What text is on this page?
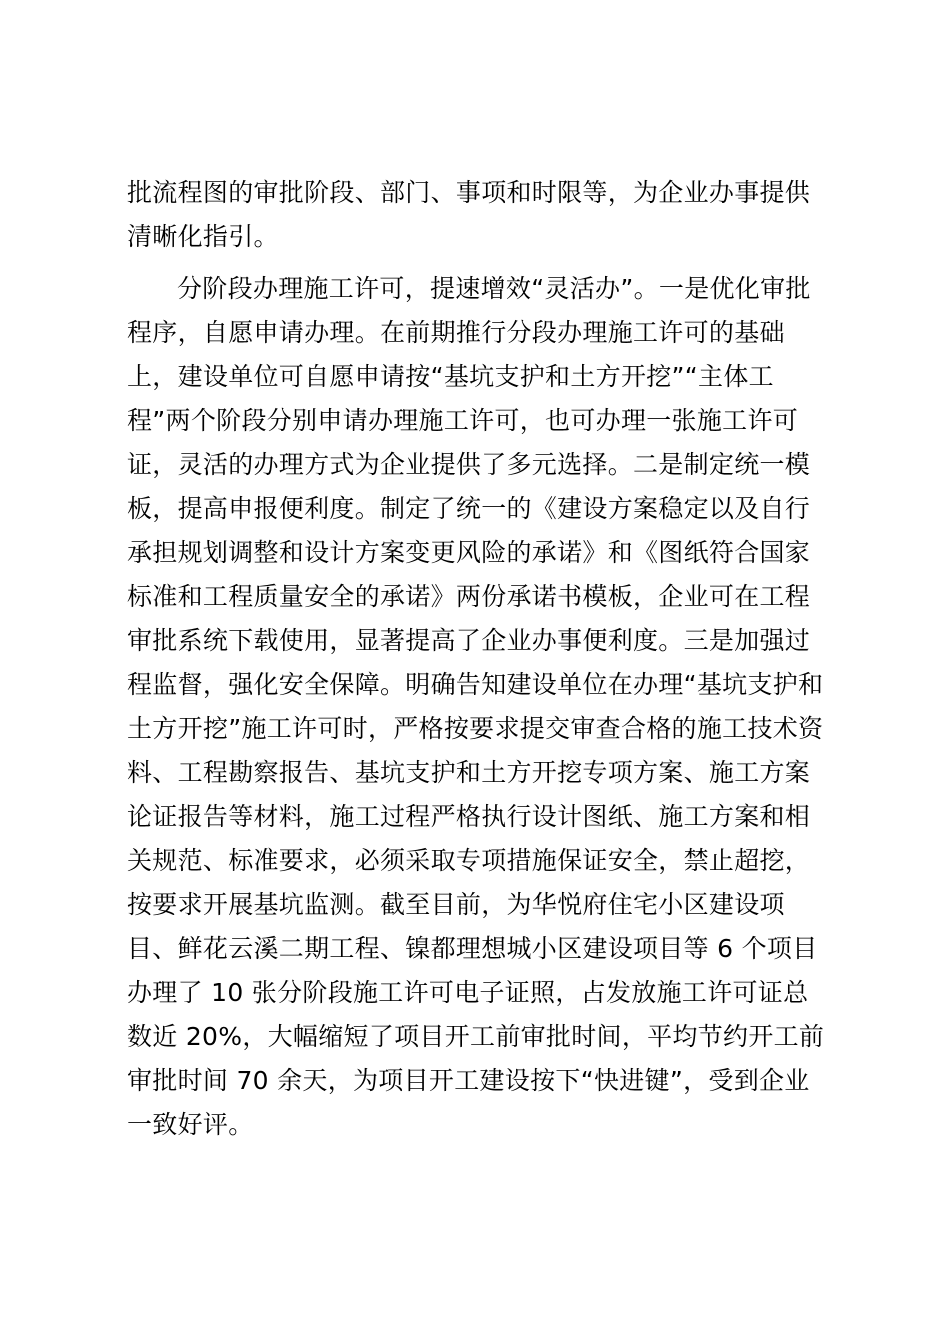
批流程图的审批阶段、部门、事项和时限等，为企业办事提供
清晰化指引。
分阶段办理施工许可，提速增效“灵活办”。一是优化审批
程序，自愿申请办理。在前期推行分段办理施工许可的基础
上，建设单位可自愿申请按“基坑支护和土方开挖”“主体工
程”两个阶段分别申请办理施工许可，也可办理一张施工许可
证，灵活的办理方式为企业提供了多元选择。二是制定统一模
板，提高申报便利度。制定了统一的《建设方案稳定以及自行
承担规划调整和设计方案变更风险的承诺》和《图纸符合国家
标准和工程质量安全的承诺》两份承诺书模板，企业可在工程
审批系统下载使用，显著提高了企业办事便利度。三是加强过
程监督，强化安全保障。明确告知建设单位在办理“基坑支护和
土方开挖”施工许可时，严格按要求提交审查合格的施工技术资
料、工程勘察报告、基坑支护和土方开挖专项方案、施工方案
论证报告等材料，施工过程严格执行设计图纸、施工方案和相
关规范、标准要求，必须采取专项措施保证安全，禁止超挖，
按要求开展基坑监测。截至目前，为华悦府住宅小区建设项
目、鲜花云溪二期工程、镍都理想城小区建设项目等 6 个项目
办理了 10 张分阶段施工许可电子证照，占发放施工许可证总
数近 20%，大幅缩短了项目开工前审批时间，平均节约开工前
审批时间 70 余天，为项目开工建设按下“快进键”，受到企业
一致好评。
